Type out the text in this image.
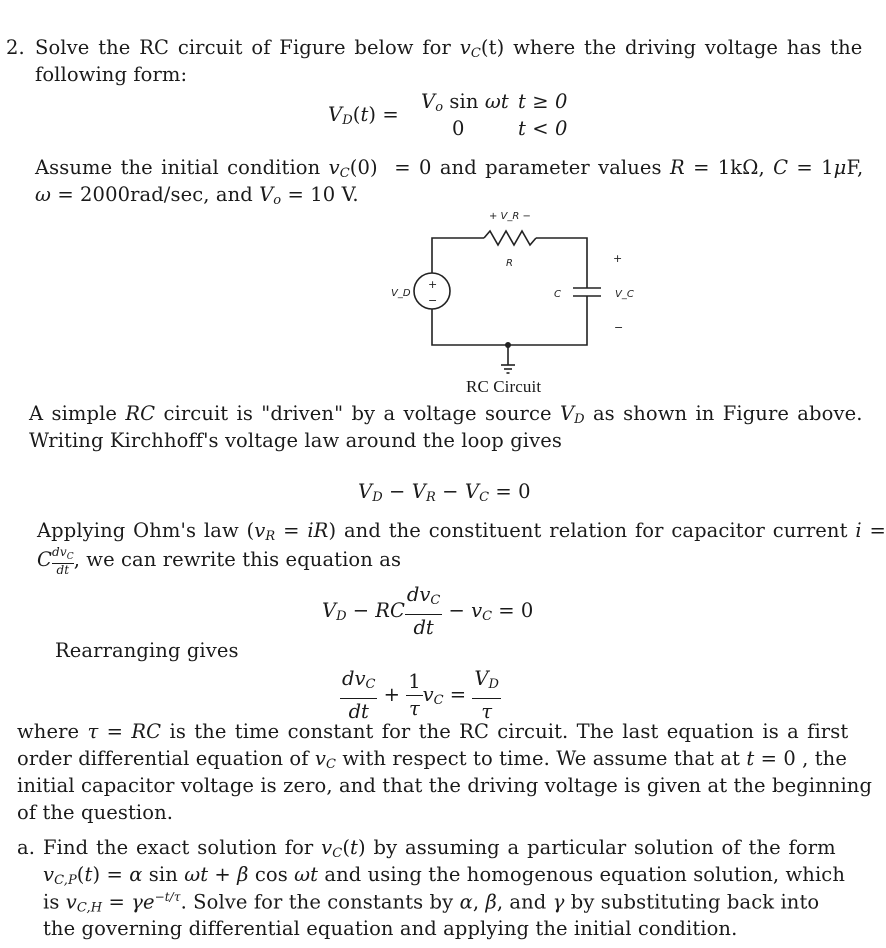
2. Solve the RC circuit of Figure below for $v_C(t)$ where the driving voltage has the
following form:
$V_D(t)$ =
$V_o$ sin ωt t ≥ 0
0	t < 0
Assume the initial condition $v_C(0) = 0$ and parameter values R = 1kΩ, C = 1μF,
ω = 2000rad/sec, and $V_o = 10$ V.
+ V_R −
R
V_D
+
−	C	V_C
+
−
RC Circuit
A simple RC circuit is "driven" by a voltage source $V_D$ as shown in Figure above.
Writing Kirchhoff's voltage law around the loop gives
$V_D - V_R - V_C = 0$
Applying Ohm's law $(v_R = iR)$ and the constituent relation for capacitor current i =
C $dv_C$
dt , we can rewrite this equation as
$V_D$ − RC $\frac{dv_C}{dt} - v_C = 0$
Rearranging gives
$\frac{dv_C}{dt} + \frac{1}{\tau} v_C = \frac{V_D}{\tau}$
where τ = RC is the time constant for the RC circuit. The last equation is a first
order differential equation of $v_C$ with respect to time. We assume that at t = 0 , the
initial capacitor voltage is zero, and that the driving voltage is given at the beginning
of the question.
a. Find the exact solution for $v_C(t)$ by assuming a particular solution of the form
$v_{C,P}(t) = \alpha$ sin ωt + β cos ωt and using the homogenous equation solution, which
is $v_{C,H} = \gamma e^{-t/\tau}$. Solve for the constants by α, β, and γ by substituting back into
the governing differential equation and applying the initial condition.
